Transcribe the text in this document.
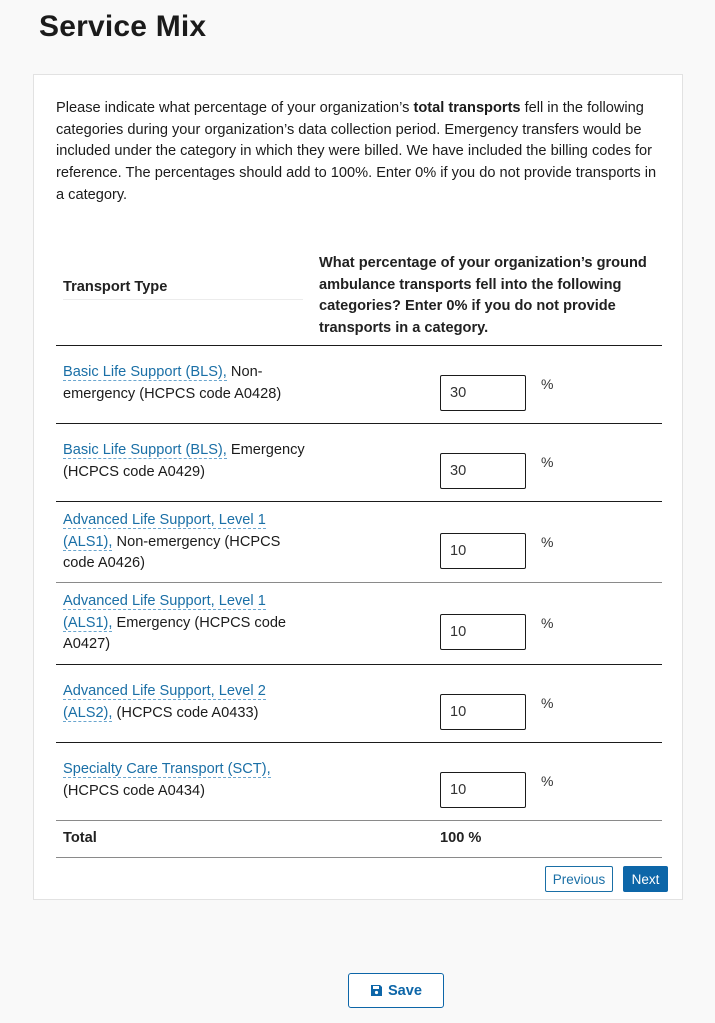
Service Mix

Please indicate what percentage of your organization’s total transports fell in the following categories during your organization’s data collection period. Emergency transfers would be included under the category in which they were billed. We have included the billing codes for reference. The percentages should add to 100%. Enter 0% if you do not provide transports in a category.

Transport Type
What percentage of your organization’s ground ambulance transports fell into the following categories? Enter 0% if you do not provide transports in a category.
Basic Life Support (BLS), Non-emergency (HCPCS code A0428)
30
%
Basic Life Support (BLS), Emergency (HCPCS code A0429)
30
%
Advanced Life Support, Level 1 (ALS1), Non-emergency (HCPCS code A0426)
10
%
Advanced Life Support, Level 1 (ALS1), Emergency (HCPCS code A0427)
10
%
Advanced Life Support, Level 2 (ALS2), (HCPCS code A0433)
10
%
Specialty Care Transport (SCT), (HCPCS code A0434)
10
%
Total	100 %
Previous	Next
Save
